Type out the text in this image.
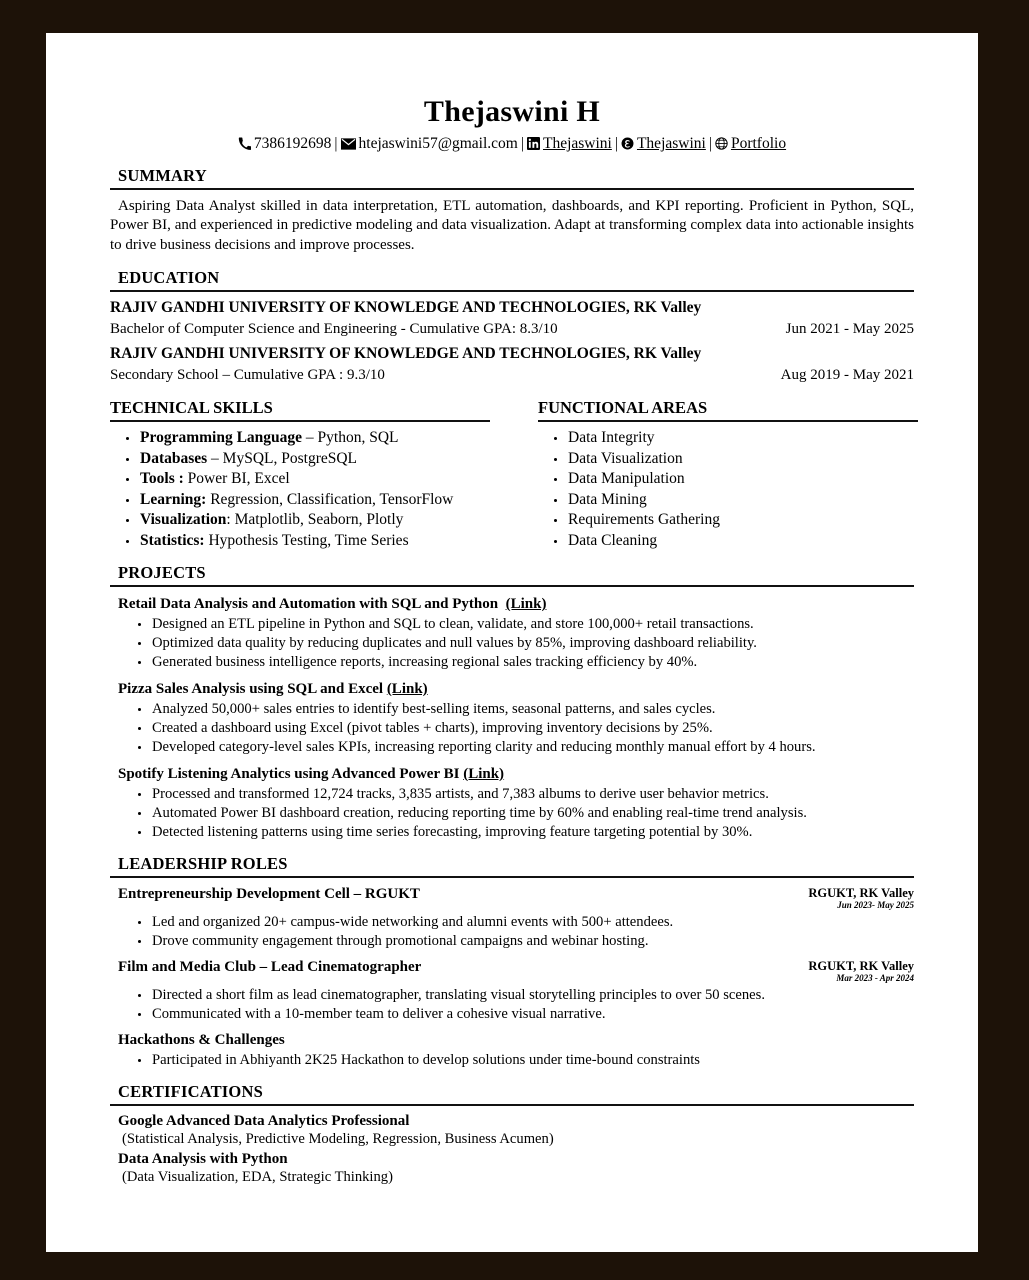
Thejaswini H
7386192698 | htejaswini57@gmail.com | Thejaswini | Thejaswini | Portfolio
SUMMARY
Aspiring Data Analyst skilled in data interpretation, ETL automation, dashboards, and KPI reporting. Proficient in Python, SQL, Power BI, and experienced in predictive modeling and data visualization. Adapt at transforming complex data into actionable insights to drive business decisions and improve processes.
EDUCATION
RAJIV GANDHI UNIVERSITY OF KNOWLEDGE AND TECHNOLOGIES, RK Valley
Bachelor of Computer Science and Engineering - Cumulative GPA: 8.3/10	Jun 2021 - May 2025
RAJIV GANDHI UNIVERSITY OF KNOWLEDGE AND TECHNOLOGIES, RK Valley
Secondary School – Cumulative GPA : 9.3/10	Aug 2019 - May 2021
TECHNICAL SKILLS
Programming Language – Python, SQL
Databases – MySQL, PostgreSQL
Tools : Power BI, Excel
Learning: Regression, Classification, TensorFlow
Visualization: Matplotlib, Seaborn, Plotly
Statistics: Hypothesis Testing, Time Series
FUNCTIONAL AREAS
Data Integrity
Data Visualization
Data Manipulation
Data Mining
Requirements Gathering
Data Cleaning
PROJECTS
Retail Data Analysis and Automation with SQL and Python (Link)
Designed an ETL pipeline in Python and SQL to clean, validate, and store 100,000+ retail transactions.
Optimized data quality by reducing duplicates and null values by 85%, improving dashboard reliability.
Generated business intelligence reports, increasing regional sales tracking efficiency by 40%.
Pizza Sales Analysis using SQL and Excel (Link)
Analyzed 50,000+ sales entries to identify best-selling items, seasonal patterns, and sales cycles.
Created a dashboard using Excel (pivot tables + charts), improving inventory decisions by 25%.
Developed category-level sales KPIs, increasing reporting clarity and reducing monthly manual effort by 4 hours.
Spotify Listening Analytics using Advanced Power BI (Link)
Processed and transformed 12,724 tracks, 3,835 artists, and 7,383 albums to derive user behavior metrics.
Automated Power BI dashboard creation, reducing reporting time by 60% and enabling real-time trend analysis.
Detected listening patterns using time series forecasting, improving feature targeting potential by 30%.
LEADERSHIP ROLES
Entrepreneurship Development Cell – RGUKT	RGUKT, RK Valley
Jun 2023- May 2025
Led and organized 20+ campus-wide networking and alumni events with 500+ attendees.
Drove community engagement through promotional campaigns and webinar hosting.
Film and Media Club – Lead Cinematographer	RGUKT, RK Valley
Mar 2023 - Apr 2024
Directed a short film as lead cinematographer, translating visual storytelling principles to over 50 scenes.
Communicated with a 10-member team to deliver a cohesive visual narrative.
Hackathons & Challenges
Participated in Abhiyanth 2K25 Hackathon to develop solutions under time-bound constraints
CERTIFICATIONS
Google Advanced Data Analytics Professional
(Statistical Analysis, Predictive Modeling, Regression, Business Acumen)
Data Analysis with Python
(Data Visualization, EDA, Strategic Thinking)
